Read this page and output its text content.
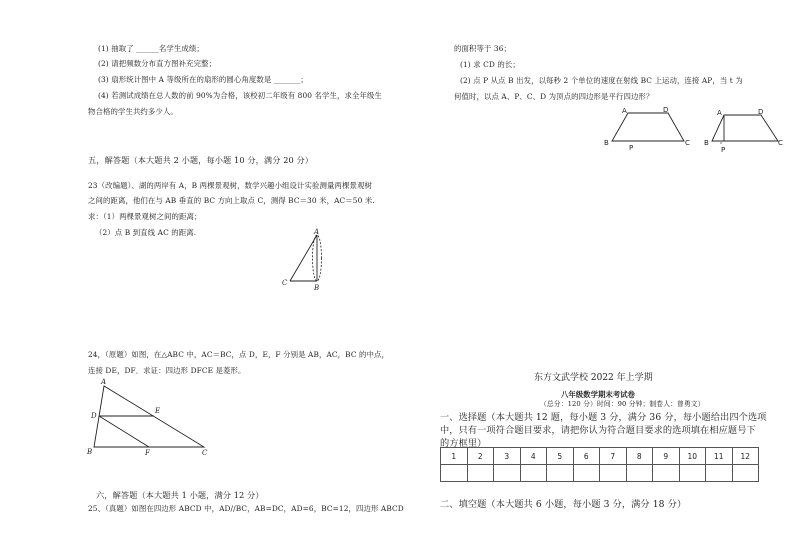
(1) 抽取了 ______名学生成绩；
(2) 请把频数分布直方图补充完整；
(3) 扇形统计图中 A 等级所在的扇形的圆心角度数是 _______；
(4) 若测试成绩在总人数的前 90%为合格，该校初二年级有 800 名学生，求全年级生
物合格的学生共约多少人。
五，解答题（本大题共 2 小题，每小题 10 分，满分 20 分）
23（改编题）、湖的两岸有 A，B 两棵景观树，数学兴趣小组设计实验测量两棵景观树
之间的距离，他们在与 AB 垂直的 BC 方向上取点 C，测得 BC＝30 米，AC＝50 米.
求：（1）两棵景观树之间的距离；
（2）点 B 到直线 AC 的距离.	A
C
B
24，（原题）如图，在△ABC 中，AC＝BC，点 D，E，F 分别是 AB，AC，BC 的中点，
连接 DE，DF．求证：四边形 DFCE 是菱形。
A
D
E
B	F	C
六，解答题（本大题共 1 小题，满分 12 分）
25、（真题）如图在四边形 ABCD 中，AD//BC，AB=DC，AD=6，BC=12，四边形 ABCD
的面积等于 36；
(1) 求 CD 的长；
(2) 点 P 从点 B 出发，以每秒 2 个单位的速度在射线 BC 上运动，连接 AP，当 t 为
何值时，以点 A、P、C、D 为顶点的四边形是平行四边形？
A	D
B
P
C
A	D
B
P
C
东方文武学校 2022 年上学期
八年级数学期末考试卷
（总分：120 分）时间：90 分钟；制卷人：曾勇文）
一、选择题（本大题共 12 题，每小题 3 分，满分 36 分，每小题给出四个选项
中，只有一项符合题目要求，请把你认为符合题目要求的选项填在相应题号下
的方框里）
1	2	3	4	5	6	7	8	9	10	11	12

二、填空题（本大题共 6 小题，每小题 3 分，满分 18 分）
